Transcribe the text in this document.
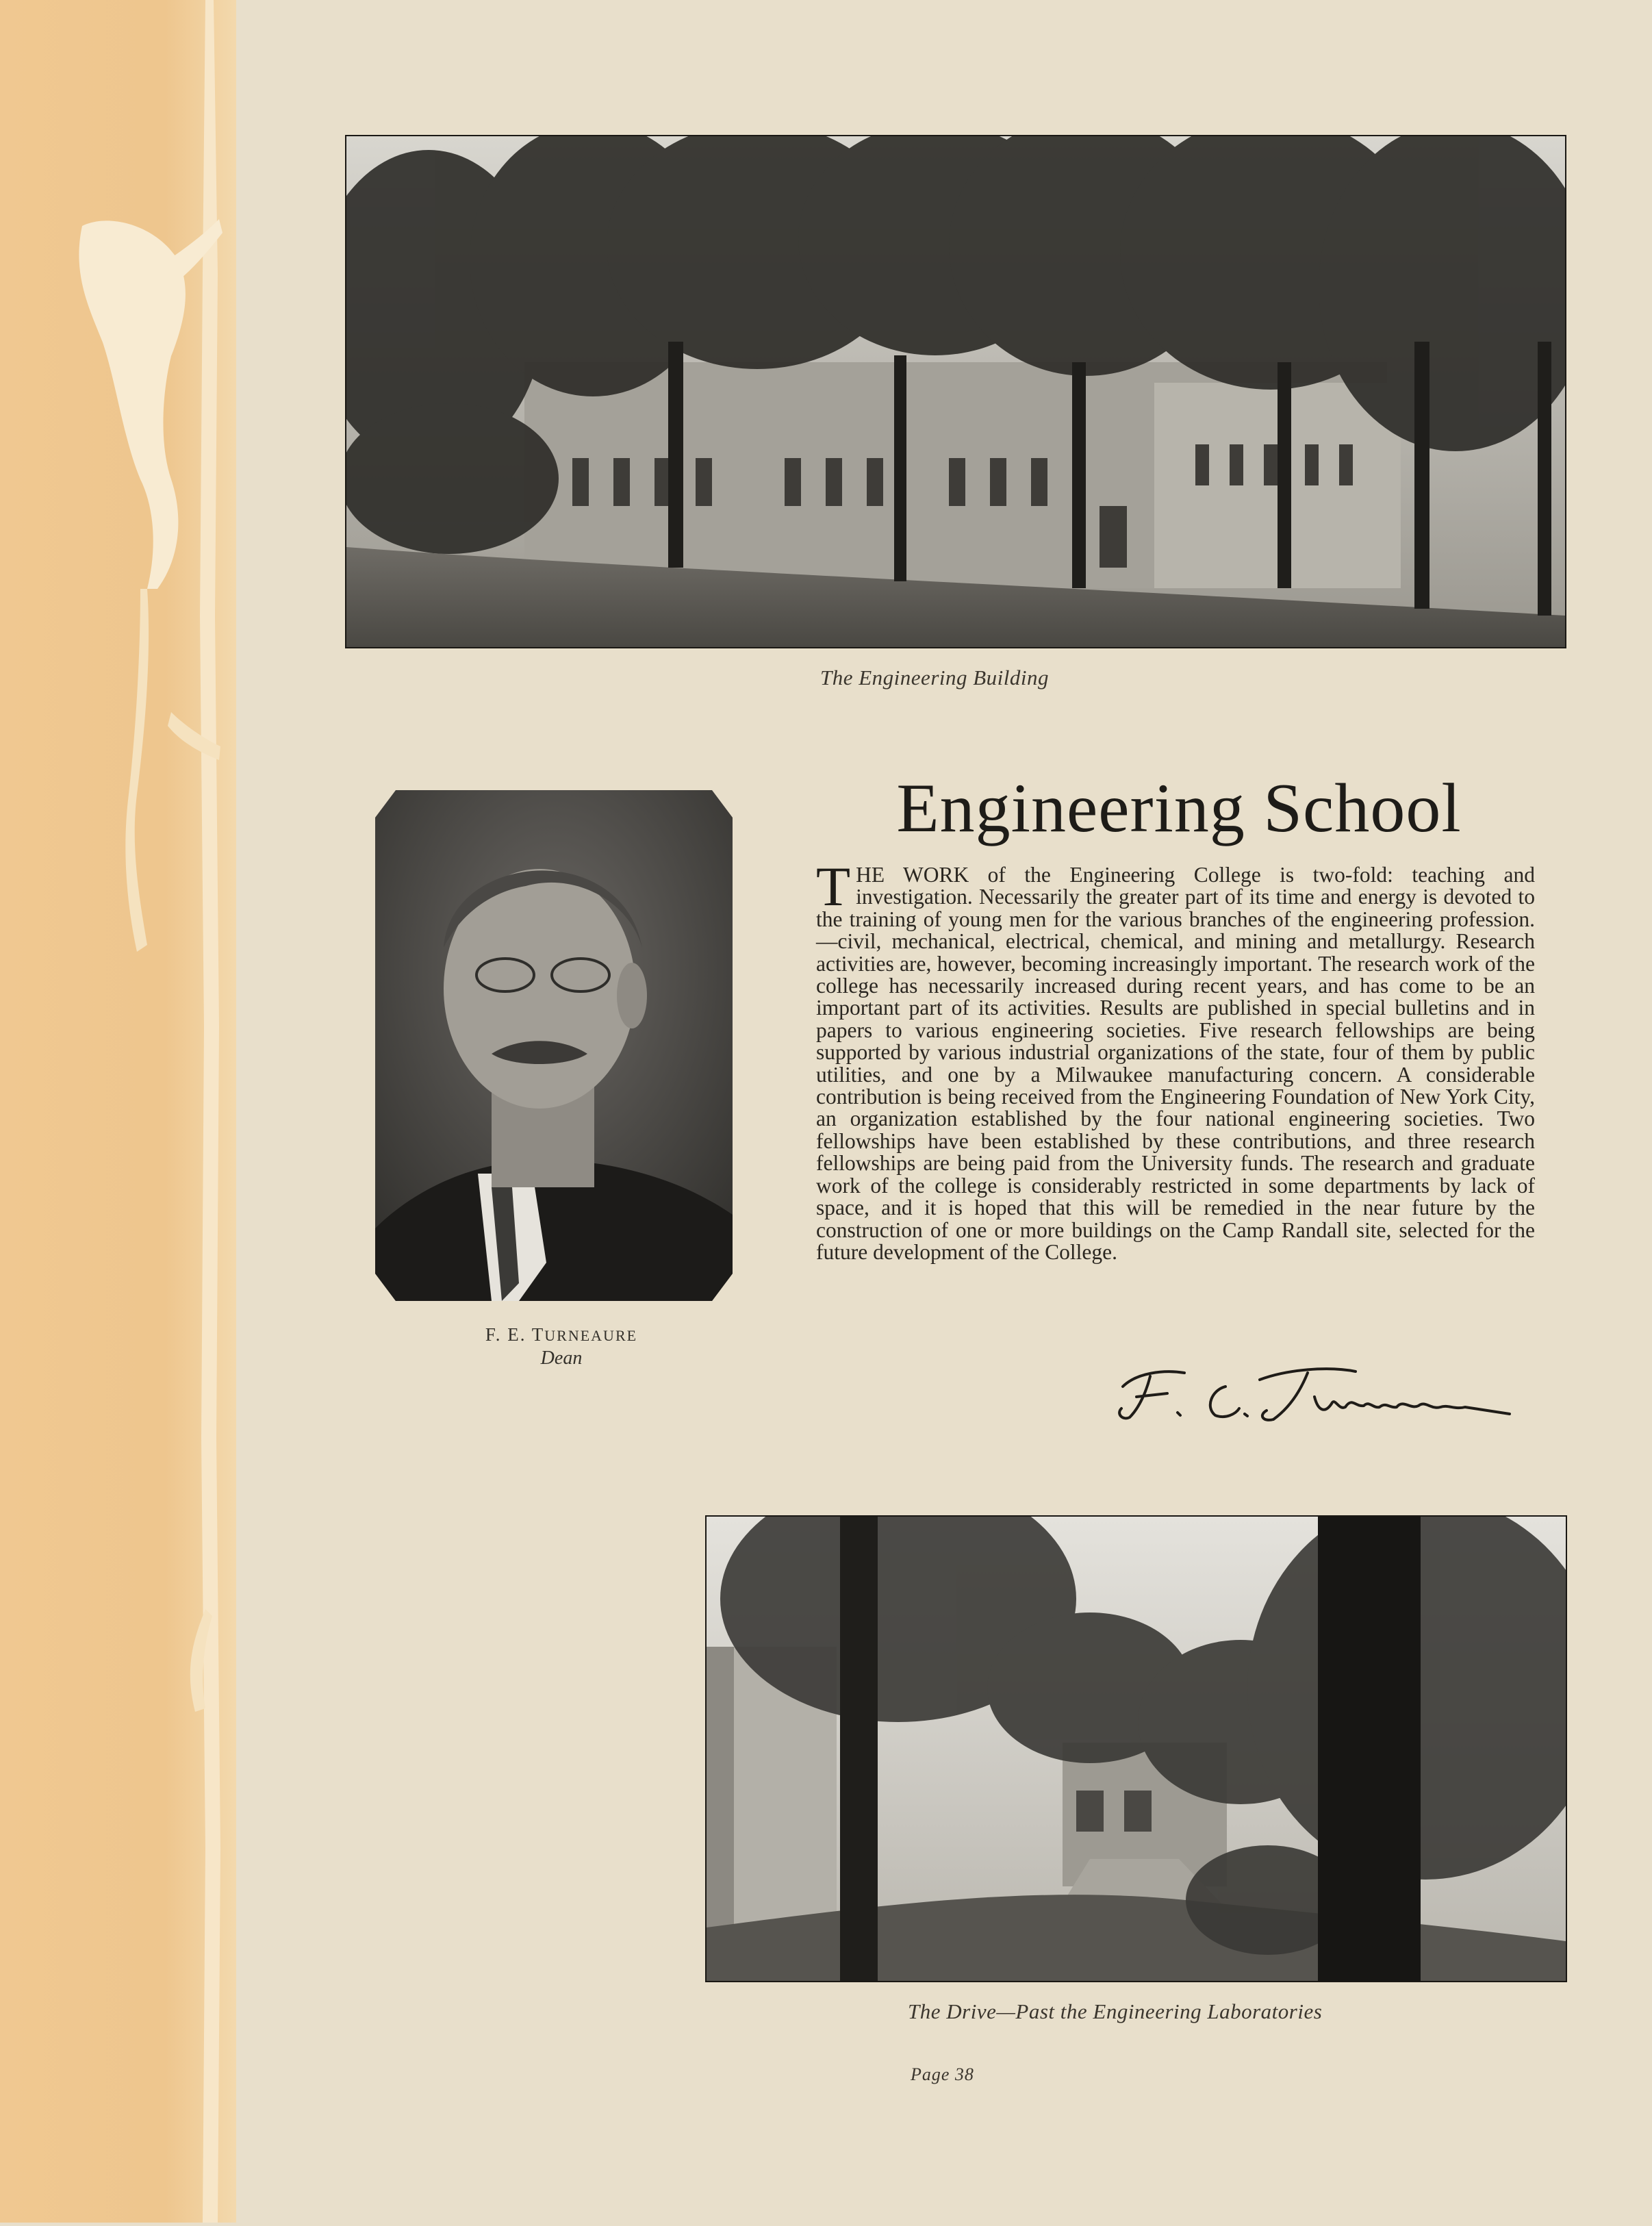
The Engineering Building
F. E. TURNEAURE
Dean
Engineering School
THE WORK of the Engineering College is two-fold: teaching and investigation. Necessarily the greater part of its time and energy is devoted to the training of young men for the various branches of the engineering profession.—civil, mechanical, electrical, chemical, and mining and metallurgy. Research activities are, however, becoming increasingly important. The research work of the college has necessarily increased during recent years, and has come to be an important part of its activities. Results are published in special bulletins and in papers to various engineering societies. Five research fellowships are being supported by various industrial organizations of the state, four of them by public utilities, and one by a Milwaukee manufacturing concern. A considerable contribution is being received from the Engineering Foundation of New York City, an organization established by the four national engineering societies. Two fellowships have been established by these contributions, and three research fellowships are being paid from the University funds. The research and graduate work of the college is considerably restricted in some departments by lack of space, and it is hoped that this will be remedied in the near future by the construction of one or more buildings on the Camp Randall site, selected for the future development of the College.
The Drive—Past the Engineering Laboratories
Page 38
